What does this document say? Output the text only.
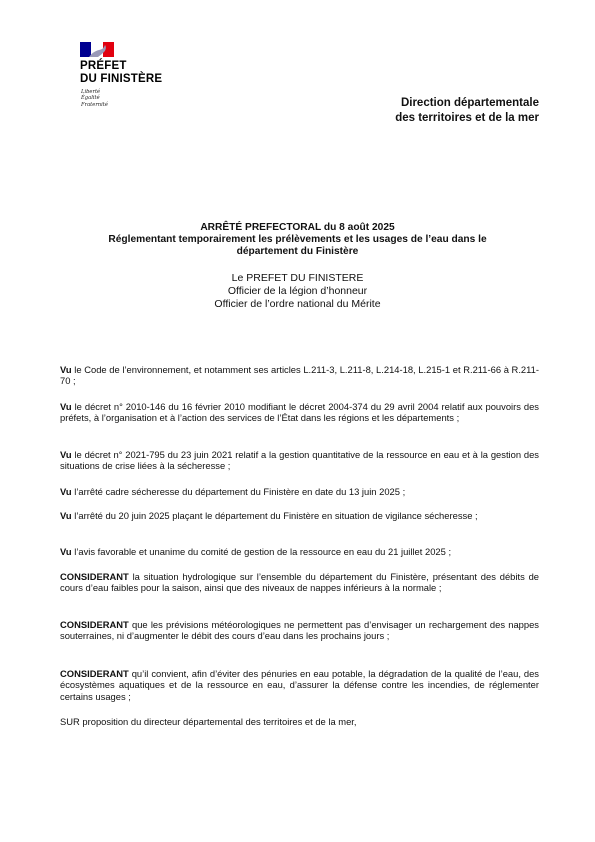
PRÉFET
DU FINISTÈRE
Liberté
Égalité
Fraternité	Direction départementale
des territoires et de la mer
ARRÊTÉ PREFECTORAL du 8 août 2025
Réglementant temporairement les prélèvements et les usages de l’eau dans le
département du Finistère
Le PREFET DU FINISTERE
Officier de la légion d’honneur
Officier de l’ordre national du Mérite

Vu le Code de l’environnement, et notamment ses articles L.211-3, L.211-8, L.214-18, L.215-1 et R.211-66 à R.211-70 ;

Vu le décret n° 2010-146 du 16 février 2010 modifiant le décret 2004-374 du 29 avril 2004 relatif aux pouvoirs des préfets, à l’organisation et à l’action des services de l’État dans les régions et les départements ;

Vu le décret n° 2021-795 du 23 juin 2021 relatif a la gestion quantitative de la ressource en eau et à la gestion des situations de crise liées à la sécheresse ;

Vu l’arrêté cadre sécheresse du département du Finistère en date du 13 juin 2025 ;

Vu l’arrêté du 20 juin 2025 plaçant le département du Finistère en situation de vigilance sécheresse ;

Vu l’avis favorable et unanime du comité de gestion de la ressource en eau du 21 juillet 2025 ;

CONSIDERANT la situation hydrologique sur l’ensemble du département du Finistère, présentant des débits de cours d’eau faibles pour la saison, ainsi que des niveaux de nappes inférieurs à la normale ;

CONSIDERANT que les prévisions météorologiques ne permettent pas d’envisager un rechargement des nappes souterraines, ni d’augmenter le débit des cours d’eau dans les prochains jours ;

CONSIDERANT qu’il convient, afin d’éviter des pénuries en eau potable, la dégradation de la qualité de l’eau, des écosystèmes aquatiques et de la ressource en eau, d’assurer la défense contre les incendies, de réglementer certains usages ;

SUR proposition du directeur départemental des territoires et de la mer,
